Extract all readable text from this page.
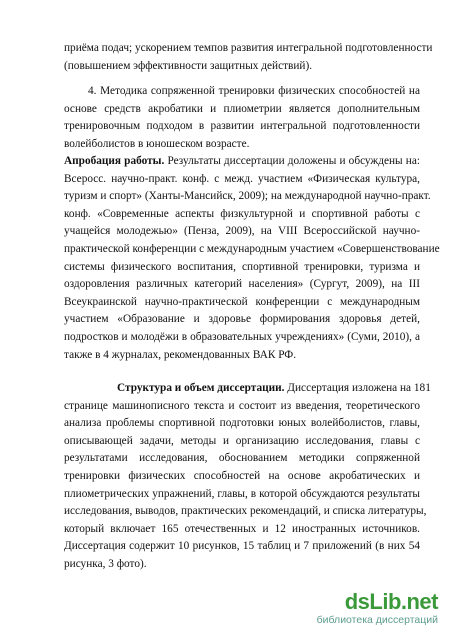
приёма подач; ускорением темпов развития интегральной подготовленности
(повышением эффективности защитных действий).
4. Методика сопряженной тренировки физических способностей на
основе средств акробатики и плиометрии является дополнительным
тренировочным подходом в развитии интегральной подготовленности
волейболистов в юношеском возрасте.
Апробация работы. Результаты диссертации доложены и обсуждены на:
Всеросс. научно-практ. конф. с межд. участием «Физическая культура,
туризм и спорт» (Ханты-Мансийск, 2009); на международной научно-практ.
конф. «Современные аспекты физкультурной и спортивной работы с
учащейся молодежью» (Пенза, 2009), на VIII Всероссийской научно-
практической конференции с международным участием «Совершенствование
системы физического воспитания, спортивной тренировки, туризма и
оздоровления различных категорий населения» (Сургут, 2009), на III
Всеукраинской научно-практической конференции с международным
участием «Образование и здоровье формирования здоровья детей,
подростков и молодёжи в образовательных учреждениях» (Суми, 2010), а
также в 4 журналах, рекомендованных ВАК РФ.
Структура и объем диссертации. Диссертация изложена на 181
странице машинописного текста и состоит из введения, теоретического
анализа проблемы спортивной подготовки юных волейболистов, главы,
описывающей задачи, методы и организацию исследования, главы с
результатами исследования, обоснованием методики сопряженной
тренировки физических способностей на основе акробатических и
плиометрических упражнений, главы, в которой обсуждаются результаты
исследования, выводов, практических рекомендаций, и списка литературы,
который включает 165 отечественных и 12 иностранных источников.
Диссертация содержит 10 рисунков, 15 таблиц и 7 приложений (в них 54
рисунка, 3 фото).
dsLib.net
библиотека диссертаций
